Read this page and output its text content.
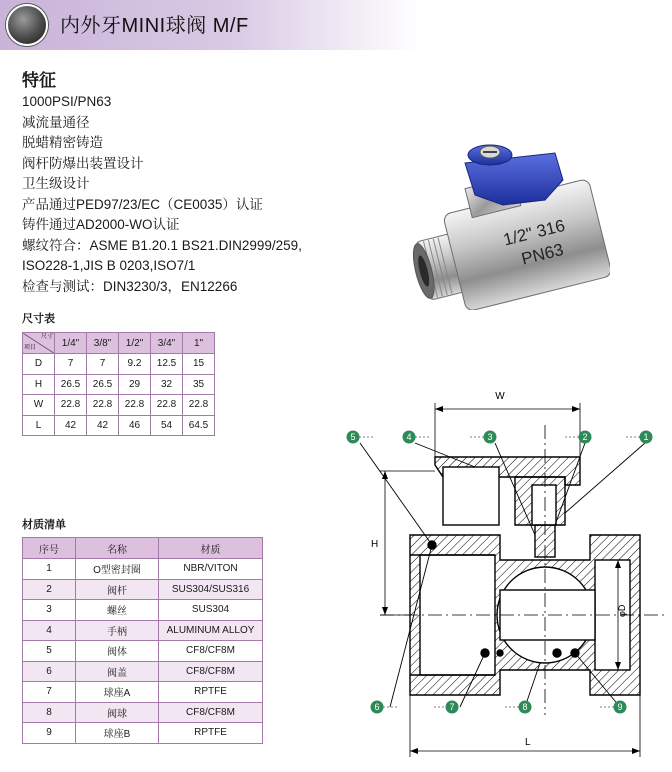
内外牙MINI球阀 M/F
特征
1000PSI/PN63
减流量通径
脱蜡精密铸造
阀杆防爆出装置设计
卫生级设计
产品通过PED97/23/EC（CE0035）认证
铸件通过AD2000-WO认证
螺纹符合：ASME B1.20.1 BS21.DIN2999/259,
ISO228-1,JIS B 0203,ISO7/1
检查与测试：DIN3230/3，EN12266
1/2" 316
PN63
尺寸表
尺寸
项目	1/4"	3/8"	1/2"	3/4"	1"
D	7	7	9.2	12.5	15
H	26.5	26.5	29	32	35
W	22.8	22.8	22.8	22.8	22.8
L	42	42	46	54	64.5
材质清单
序号	名称	材质
1	O型密封圈	NBR/VITON
2	阀杆	SUS304/SUS316
3	螺丝	SUS304
4	手柄	ALUMINUM ALLOY
5	阀体	CF8/CF8M
6	阀盖	CF8/CF8M
7	球座A	RPTFE
8	阀球	CF8/CF8M
9	球座B	RPTFE
W
H
L
φD
5	4	3	2	1
6	7	8	9
